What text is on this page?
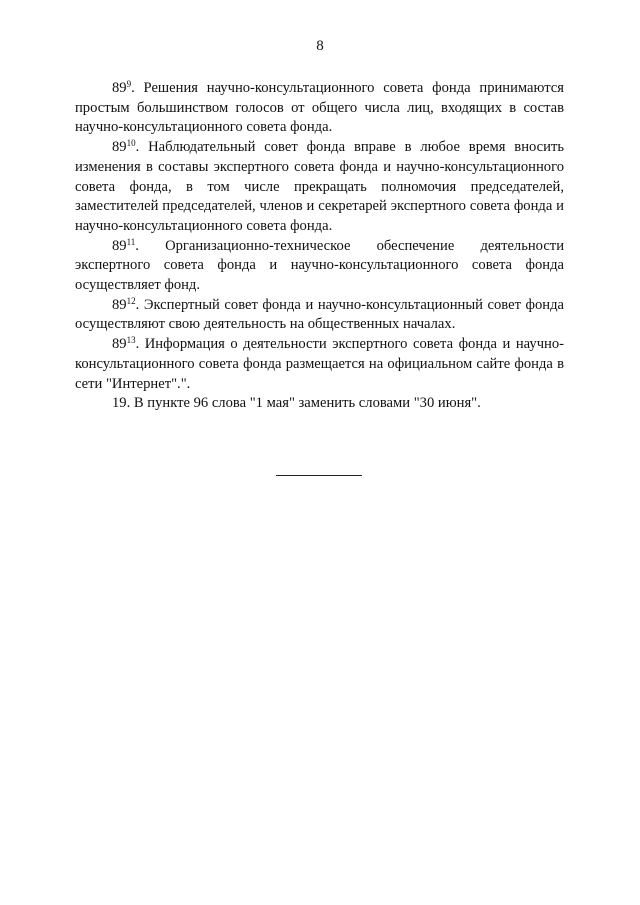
8

$89^9$. Решения научно-консультационного совета фонда принимаются простым большинством голосов от общего числа лиц, входящих в состав научно-консультационного совета фонда.

$89^{10}$. Наблюдательный совет фонда вправе в любое время вносить изменения в составы экспертного совета фонда и научно-консультационного совета фонда, в том числе прекращать полномочия председателей, заместителей председателей, членов и секретарей экспертного совета фонда и научно-консультационного совета фонда.

$89^{11}$. Организационно-техническое обеспечение деятельности экспертного совета фонда и научно-консультационного совета фонда осуществляет фонд.

$89^{12}$. Экспертный совет фонда и научно-консультационный совет фонда осуществляют свою деятельность на общественных началах.

$89^{13}$. Информация о деятельности экспертного совета фонда и научно-консультационного совета фонда размещается на официальном сайте фонда в сети "Интернет".".

19. В пункте 96 слова "1 мая" заменить словами "30 июня".
